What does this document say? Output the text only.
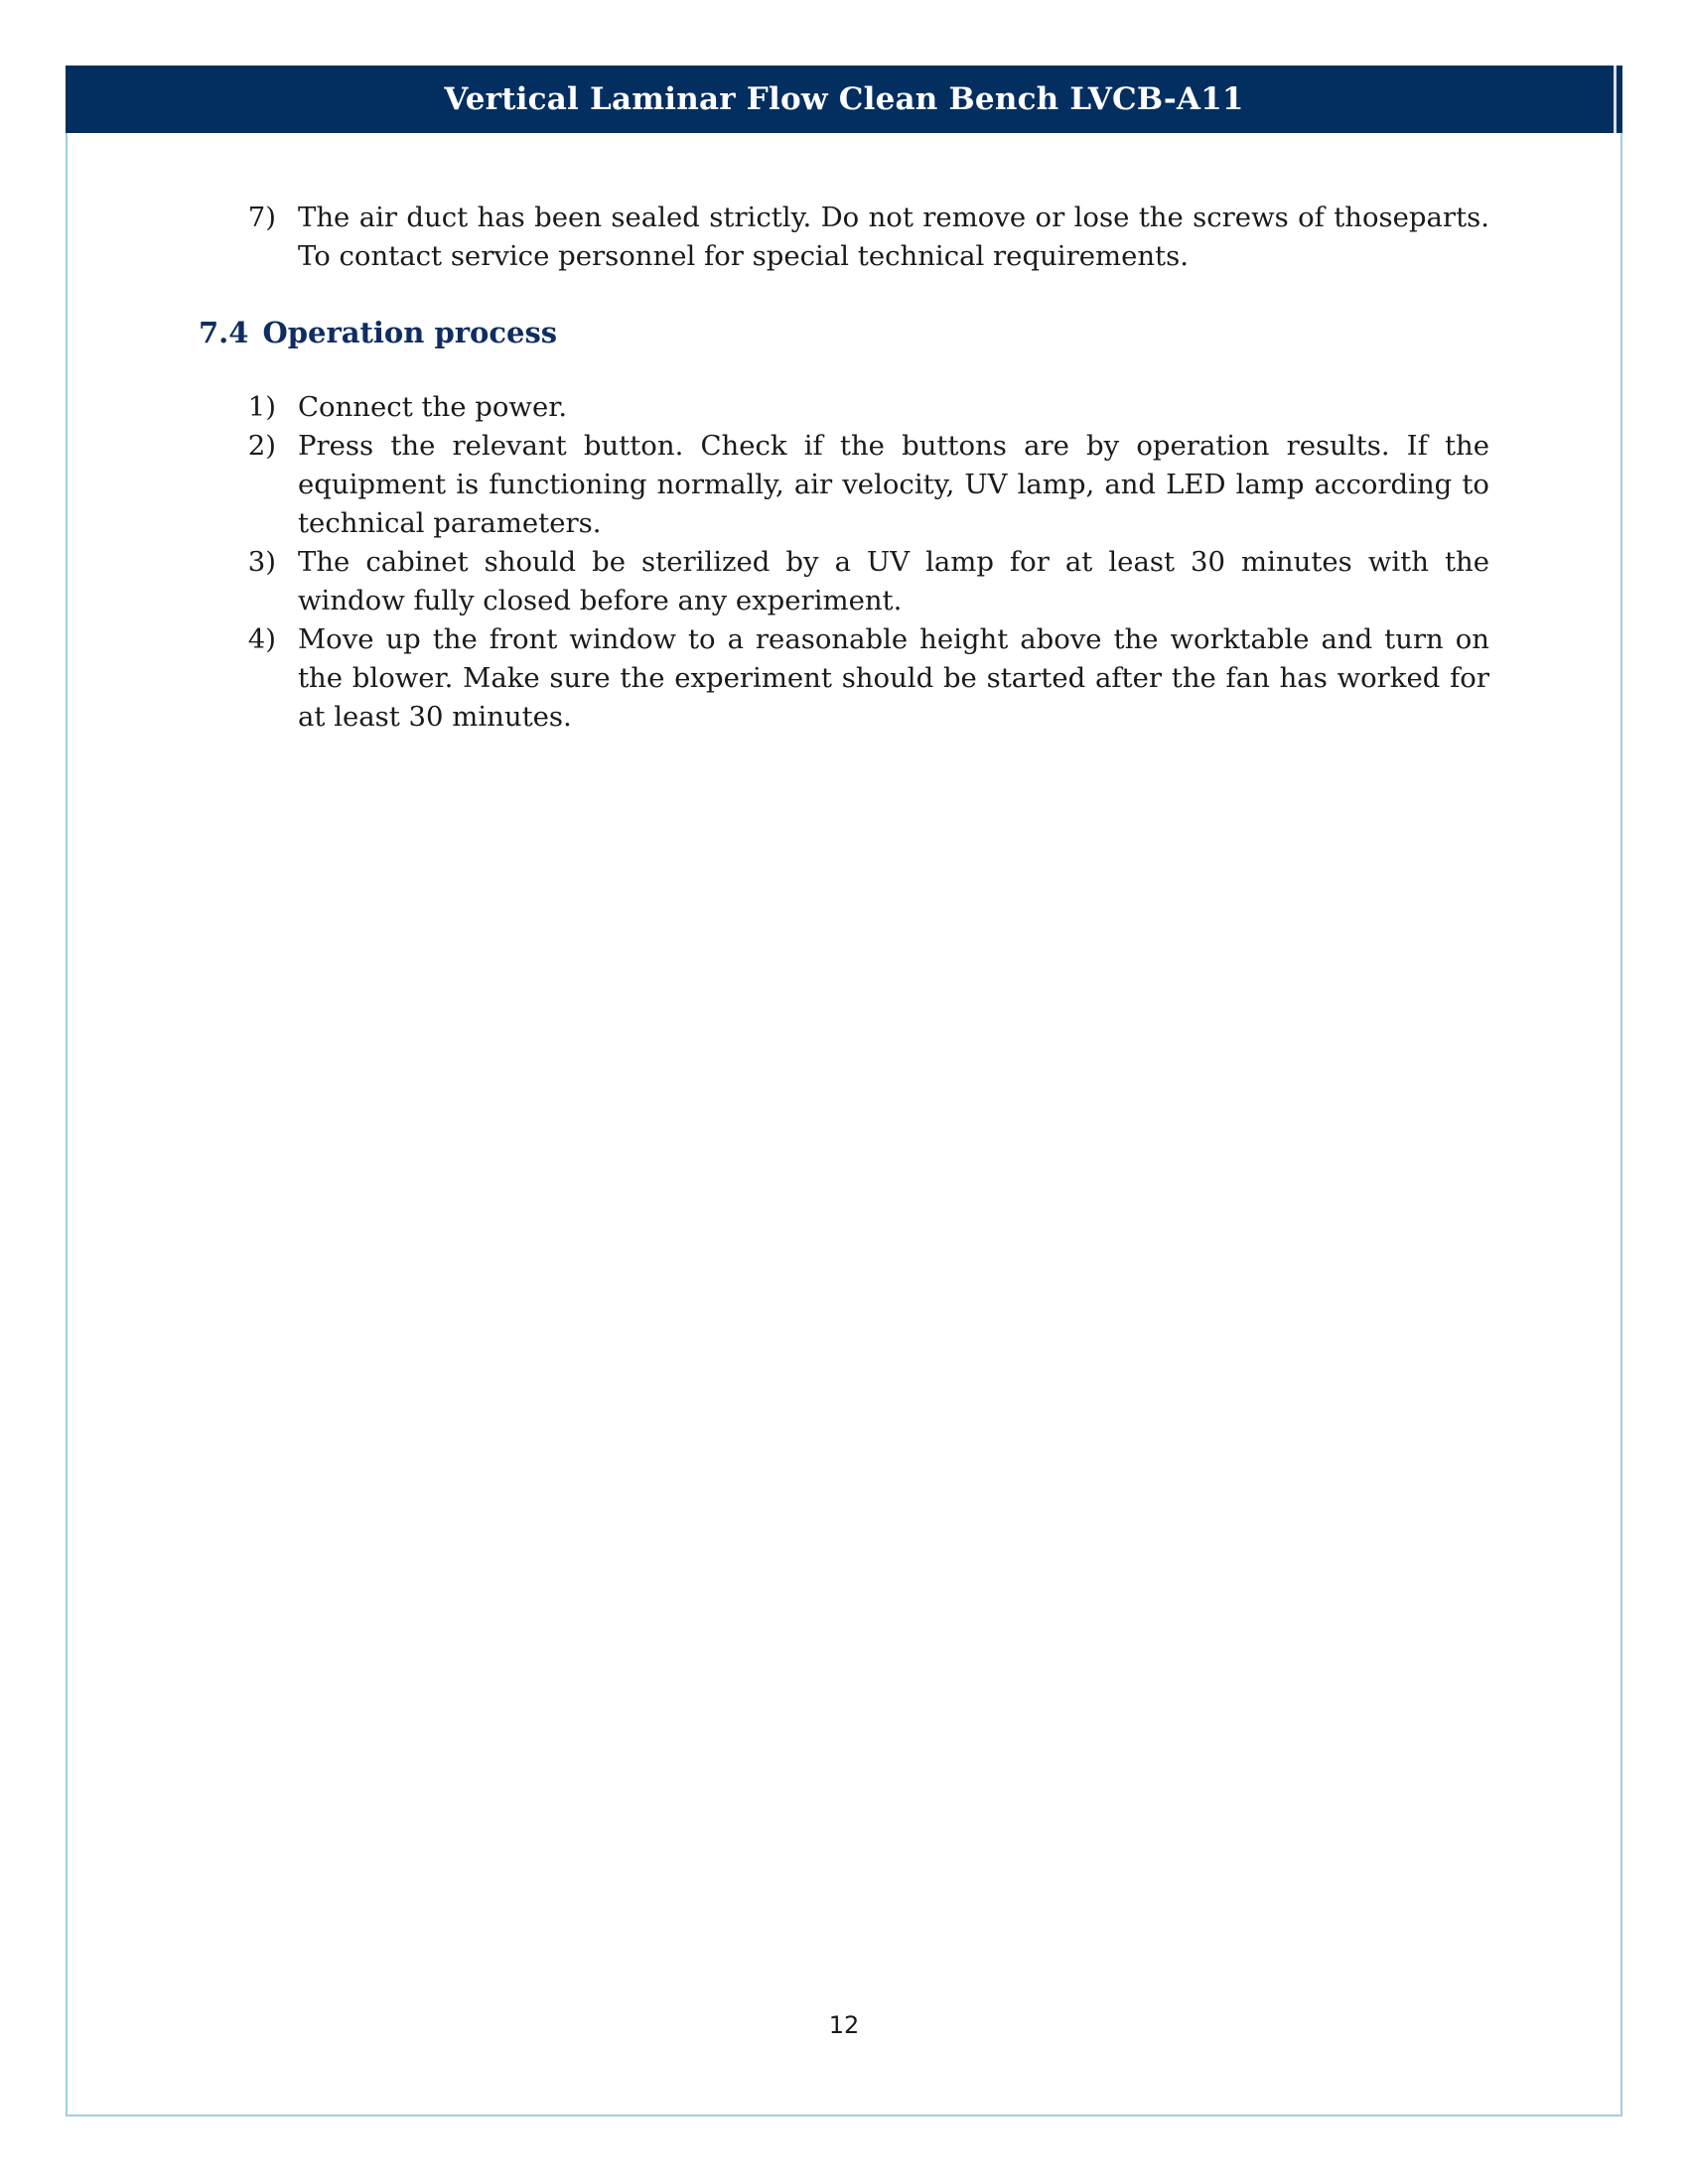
Vertical Laminar Flow Clean Bench LVCB-A11
7) The air duct has been sealed strictly. Do not remove or lose the screws of thoseparts. To contact service personnel for special technical requirements.
7.4 Operation process
1) Connect the power.
2) Press the relevant button. Check if the buttons are by operation results. If the equipment is functioning normally, air velocity, UV lamp, and LED lamp according to technical parameters.
3) The cabinet should be sterilized by a UV lamp for at least 30 minutes with the window fully closed before any experiment.
4) Move up the front window to a reasonable height above the worktable and turn on the blower. Make sure the experiment should be started after the fan has worked for at least 30 minutes.
12
